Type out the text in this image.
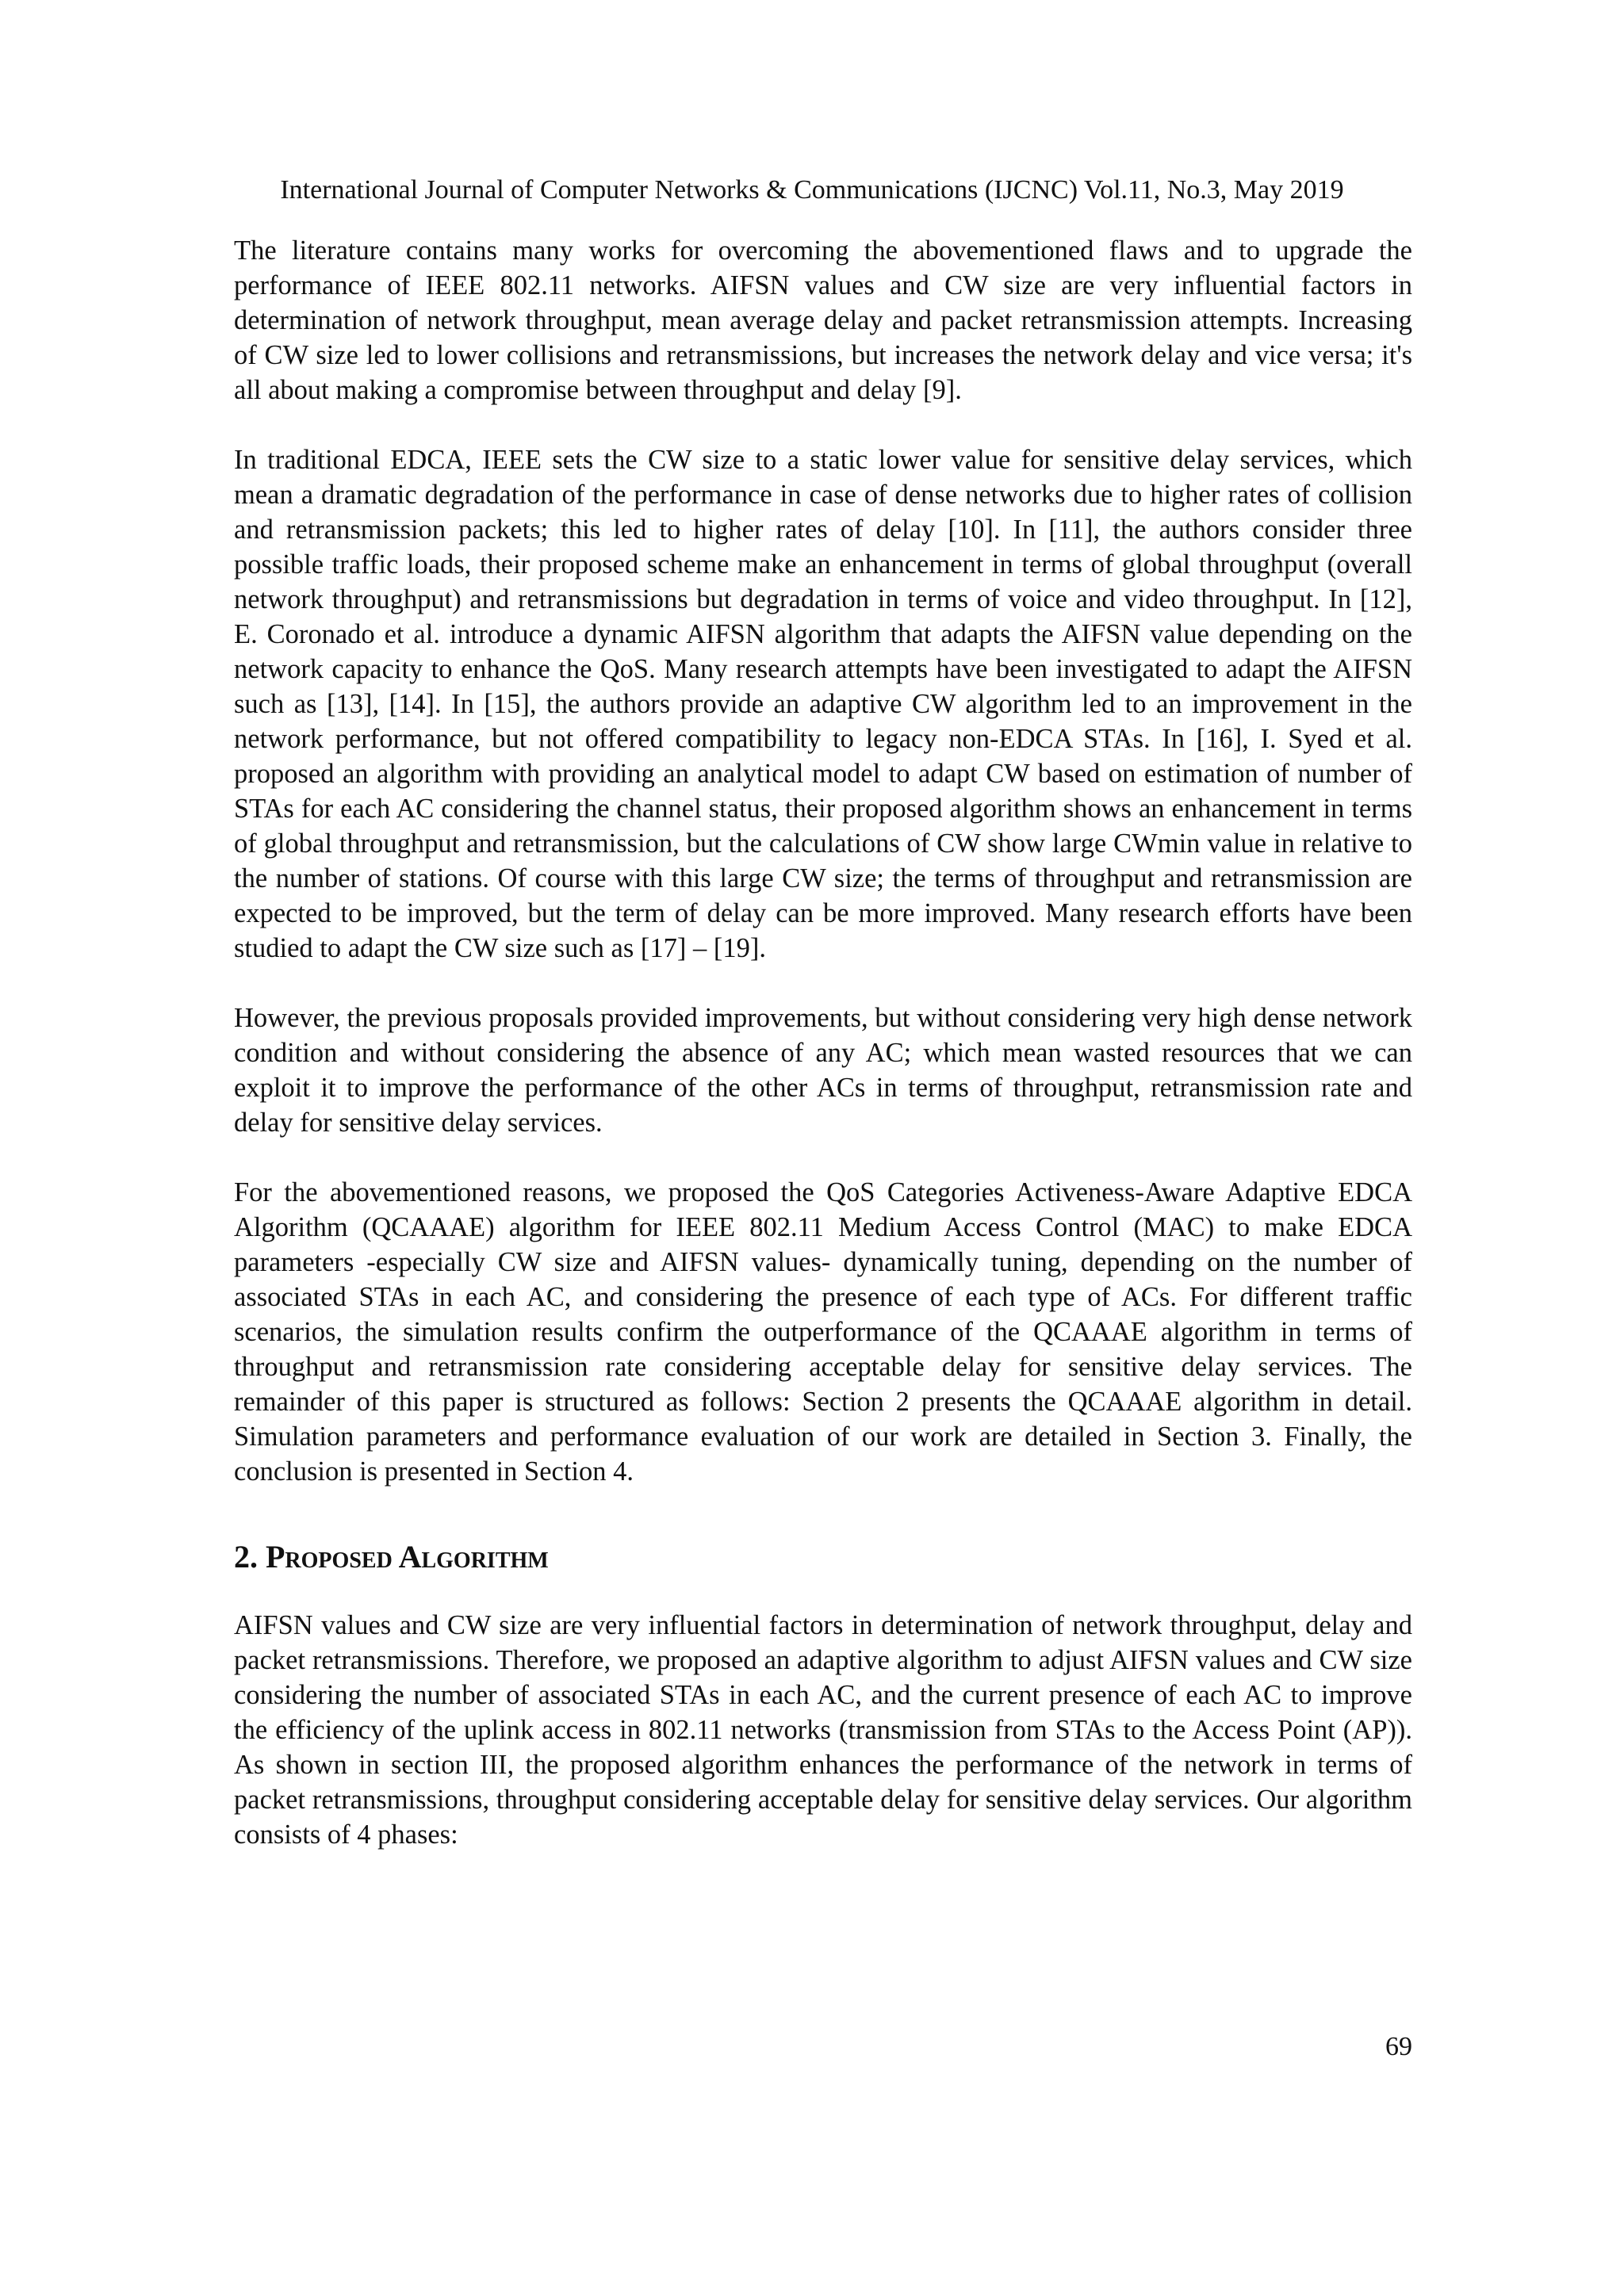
International Journal of Computer Networks & Communications (IJCNC) Vol.11, No.3, May 2019

The literature contains many works for overcoming the abovementioned flaws and to upgrade the performance of IEEE 802.11 networks. AIFSN values and CW size are very influential factors in determination of network throughput, mean average delay and packet retransmission attempts. Increasing of CW size led to lower collisions and retransmissions, but increases the network delay and vice versa; it's all about making a compromise between throughput and delay [9].

In traditional EDCA, IEEE sets the CW size to a static lower value for sensitive delay services, which mean a dramatic degradation of the performance in case of dense networks due to higher rates of collision and retransmission packets; this led to higher rates of delay [10]. In [11], the authors consider three possible traffic loads, their proposed scheme make an enhancement in terms of global throughput (overall network throughput) and retransmissions but degradation in terms of voice and video throughput. In [12], E. Coronado et al. introduce a dynamic AIFSN algorithm that adapts the AIFSN value depending on the network capacity to enhance the QoS. Many research attempts have been investigated to adapt the AIFSN such as [13], [14]. In [15], the authors provide an adaptive CW algorithm led to an improvement in the network performance, but not offered compatibility to legacy non-EDCA STAs. In [16], I. Syed et al. proposed an algorithm with providing an analytical model to adapt CW based on estimation of number of STAs for each AC considering the channel status, their proposed algorithm shows an enhancement in terms of global throughput and retransmission, but the calculations of CW show large CWmin value in relative to the number of stations. Of course with this large CW size; the terms of throughput and retransmission are expected to be improved, but the term of delay can be more improved. Many research efforts have been studied to adapt the CW size such as [17] – [19].

However, the previous proposals provided improvements, but without considering very high dense network condition and without considering the absence of any AC; which mean wasted resources that we can exploit it to improve the performance of the other ACs in terms of throughput, retransmission rate and delay for sensitive delay services.

For the abovementioned reasons, we proposed the QoS Categories Activeness-Aware Adaptive EDCA Algorithm (QCAAAE) algorithm for IEEE 802.11 Medium Access Control (MAC) to make EDCA parameters -especially CW size and AIFSN values- dynamically tuning, depending on the number of associated STAs in each AC, and considering the presence of each type of ACs. For different traffic scenarios, the simulation results confirm the outperformance of the QCAAAE algorithm in terms of throughput and retransmission rate considering acceptable delay for sensitive delay services. The remainder of this paper is structured as follows: Section 2 presents the QCAAAE algorithm in detail. Simulation parameters and performance evaluation of our work are detailed in Section 3. Finally, the conclusion is presented in Section 4.

2. Proposed Algorithm

AIFSN values and CW size are very influential factors in determination of network throughput, delay and packet retransmissions. Therefore, we proposed an adaptive algorithm to adjust AIFSN values and CW size considering the number of associated STAs in each AC, and the current presence of each AC to improve the efficiency of the uplink access in 802.11 networks (transmission from STAs to the Access Point (AP)). As shown in section III, the proposed algorithm enhances the performance of the network in terms of packet retransmissions, throughput considering acceptable delay for sensitive delay services. Our algorithm consists of 4 phases:

69
